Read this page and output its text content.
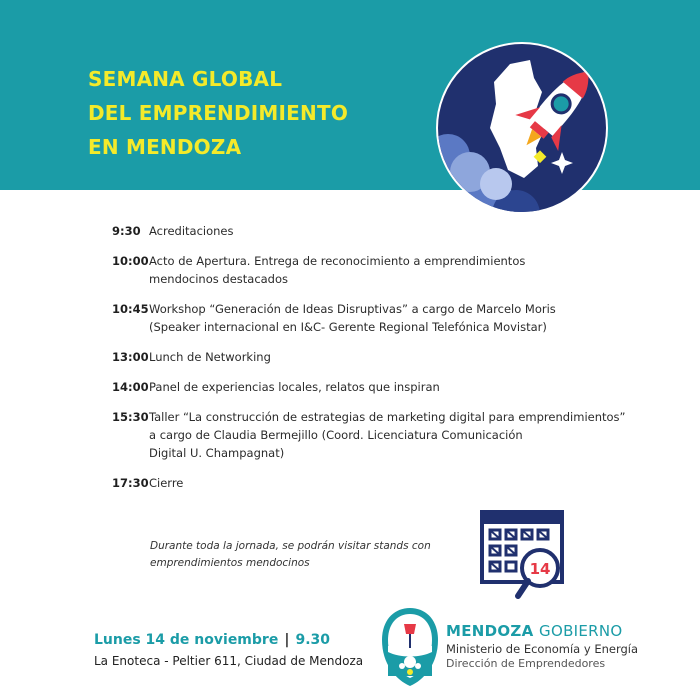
SEMANA GLOBAL
DEL EMPRENDIMIENTO
EN MENDOZA
9:30 Acreditaciones
10:00 Acto de Apertura. Entrega de reconocimiento a emprendimientos
mendocinos destacados
10:45 Workshop “Generación de Ideas Disruptivas” a cargo de Marcelo Moris
(Speaker internacional en I&C- Gerente Regional Telefónica Movistar)
13:00 Lunch de Networking
14:00 Panel de experiencias locales, relatos que inspiran
15:30 Taller “La construcción de estrategias de marketing digital para emprendimientos”
a cargo de Claudia Bermejillo (Coord. Licenciatura Comunicación
Digital U. Champagnat)
17:30 Cierre
Durante toda la jornada, se podrán visitar stands con
emprendimientos mendocinos	14
Lunes 14 de noviembre | 9.30
La Enoteca - Peltier 611, Ciudad de Mendoza
MENDOZA GOBIERNO
Ministerio de Economía y Energía
Dirección de Emprendedores
